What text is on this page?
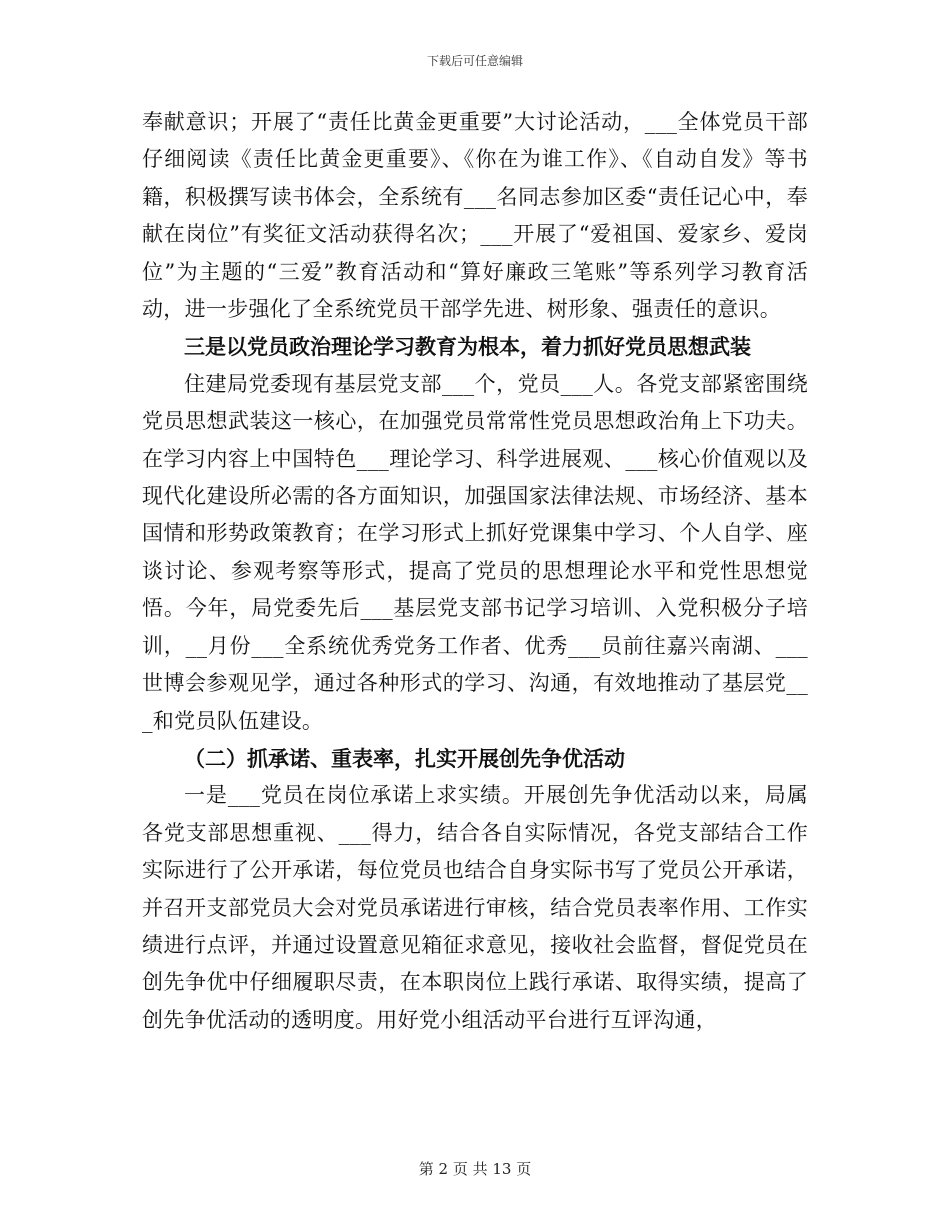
下载后可任意编辑

奉献意识；开展了“责任比黄金更重要”大讨论活动，___全体党员干部仔细阅读《责任比黄金更重要》、《你在为谁工作》、《自动自发》等书籍，积极撰写读书体会，全系统有___名同志参加区委“责任记心中，奉献在岗位”有奖征文活动获得名次；___开展了“爱祖国、爱家乡、爱岗位”为主题的“三爱”教育活动和“算好廉政三笔账”等系列学习教育活动，进一步强化了全系统党员干部学先进、树形象、强责任的意识。

三是以党员政治理论学习教育为根本，着力抓好党员思想武装

住建局党委现有基层党支部___个，党员___人。各党支部紧密围绕党员思想武装这一核心，在加强党员常常性党员思想政治角上下功夫。在学习内容上中国特色___理论学习、科学进展观、___核心价值观以及现代化建设所必需的各方面知识，加强国家法律法规、市场经济、基本国情和形势政策教育；在学习形式上抓好党课集中学习、个人自学、座谈讨论、参观考察等形式，提高了党员的思想理论水平和党性思想觉悟。今年，局党委先后___基层党支部书记学习培训、入党积极分子培训，__月份___全系统优秀党务工作者、优秀___员前往嘉兴南湖、___世博会参观见学，通过各种形式的学习、沟通，有效地推动了基层党___和党员队伍建设。

（二）抓承诺、重表率，扎实开展创先争优活动

一是___党员在岗位承诺上求实绩。开展创先争优活动以来，局属各党支部思想重视、___得力，结合各自实际情况，各党支部结合工作实际进行了公开承诺，每位党员也结合自身实际书写了党员公开承诺，并召开支部党员大会对党员承诺进行审核，结合党员表率作用、工作实绩进行点评，并通过设置意见箱征求意见，接收社会监督，督促党员在创先争优中仔细履职尽责，在本职岗位上践行承诺、取得实绩，提高了创先争优活动的透明度。用好党小组活动平台进行互评沟通，

第 2 页 共 13 页
